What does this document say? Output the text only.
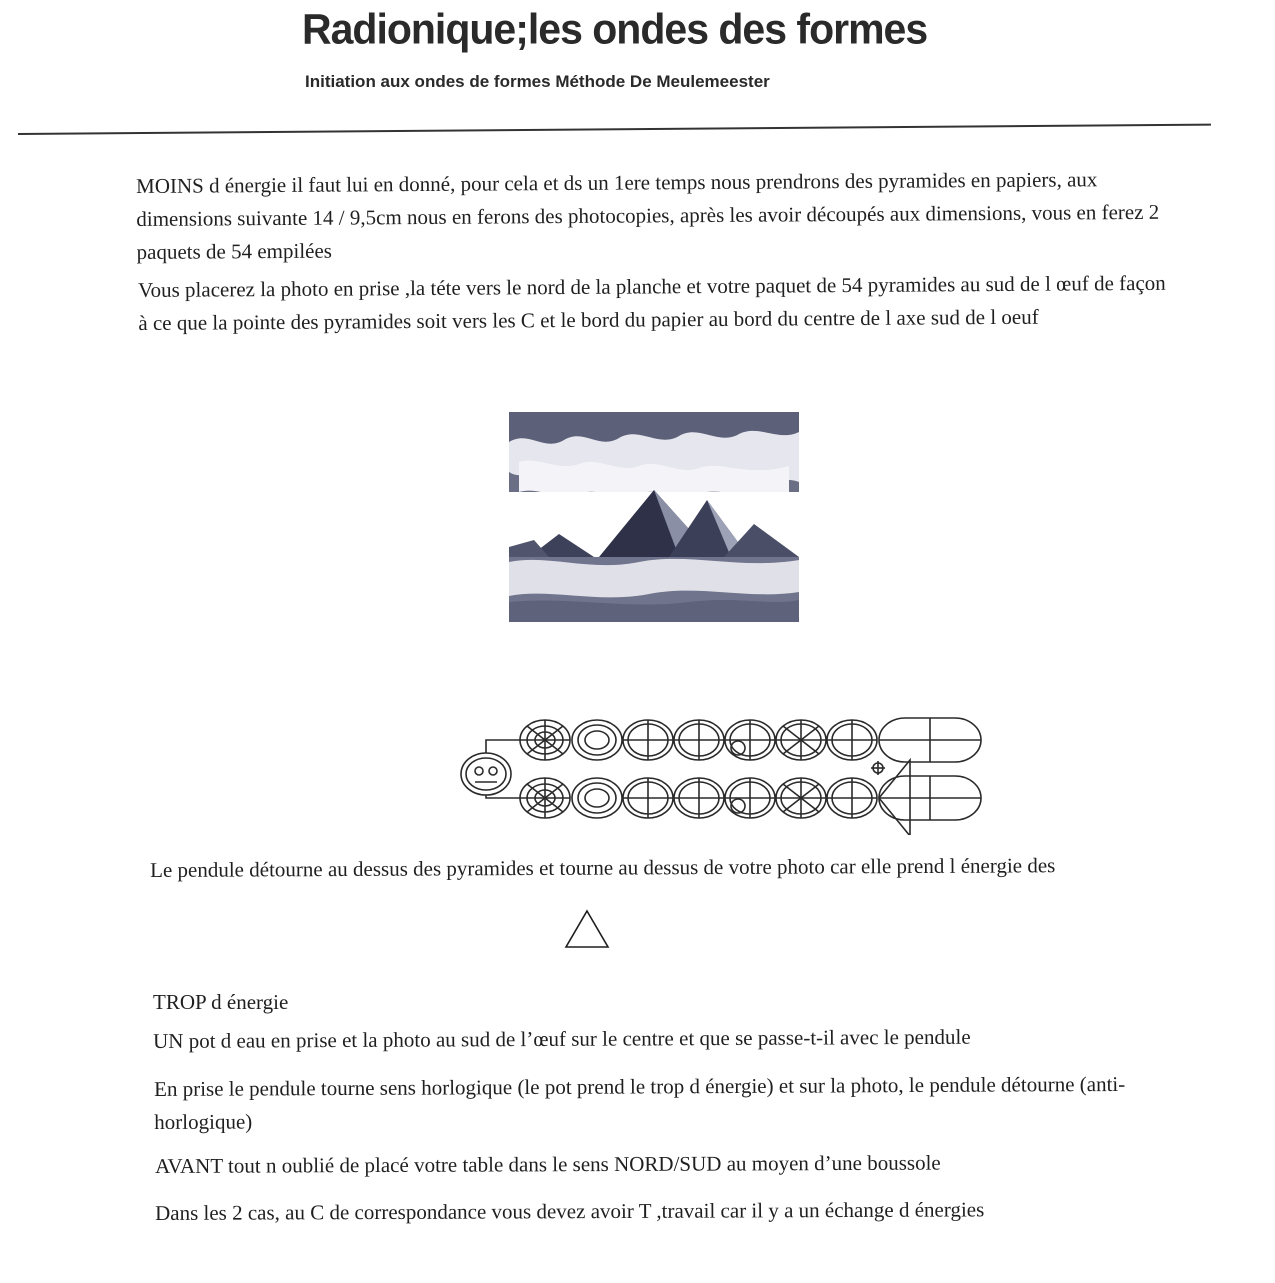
Radionique;les ondes des formes
Initiation aux ondes de formes Méthode De Meulemeester

MOINS d énergie il faut lui en donné, pour cela et ds un 1ere temps nous prendrons des pyramides en papiers, aux dimensions suivante 14 / 9,5cm nous en ferons des photocopies, après les avoir découpés aux dimensions, vous en ferez 2 paquets de 54 empilées

Vous placerez la photo en prise ,la téte vers le nord de la planche et votre paquet de 54 pyramides au sud de l œuf de façon à ce que la pointe des pyramides soit vers les C et le bord du papier au bord du centre de l axe sud de l oeuf

Le pendule détourne au dessus des pyramides et tourne au dessus de votre photo car elle prend l énergie des

TROP d énergie

UN pot d eau en prise et la photo au sud de l’œuf sur le centre et que se passe-t-il avec le pendule

En prise le pendule tourne sens horlogique (le pot prend le trop d énergie) et sur la photo, le pendule détourne (anti-horlogique)

AVANT tout n oublié de placé votre table dans le sens NORD/SUD au moyen d’une boussole

Dans les 2 cas, au C de correspondance vous devez avoir T ,travail car il y a un échange d énergies
